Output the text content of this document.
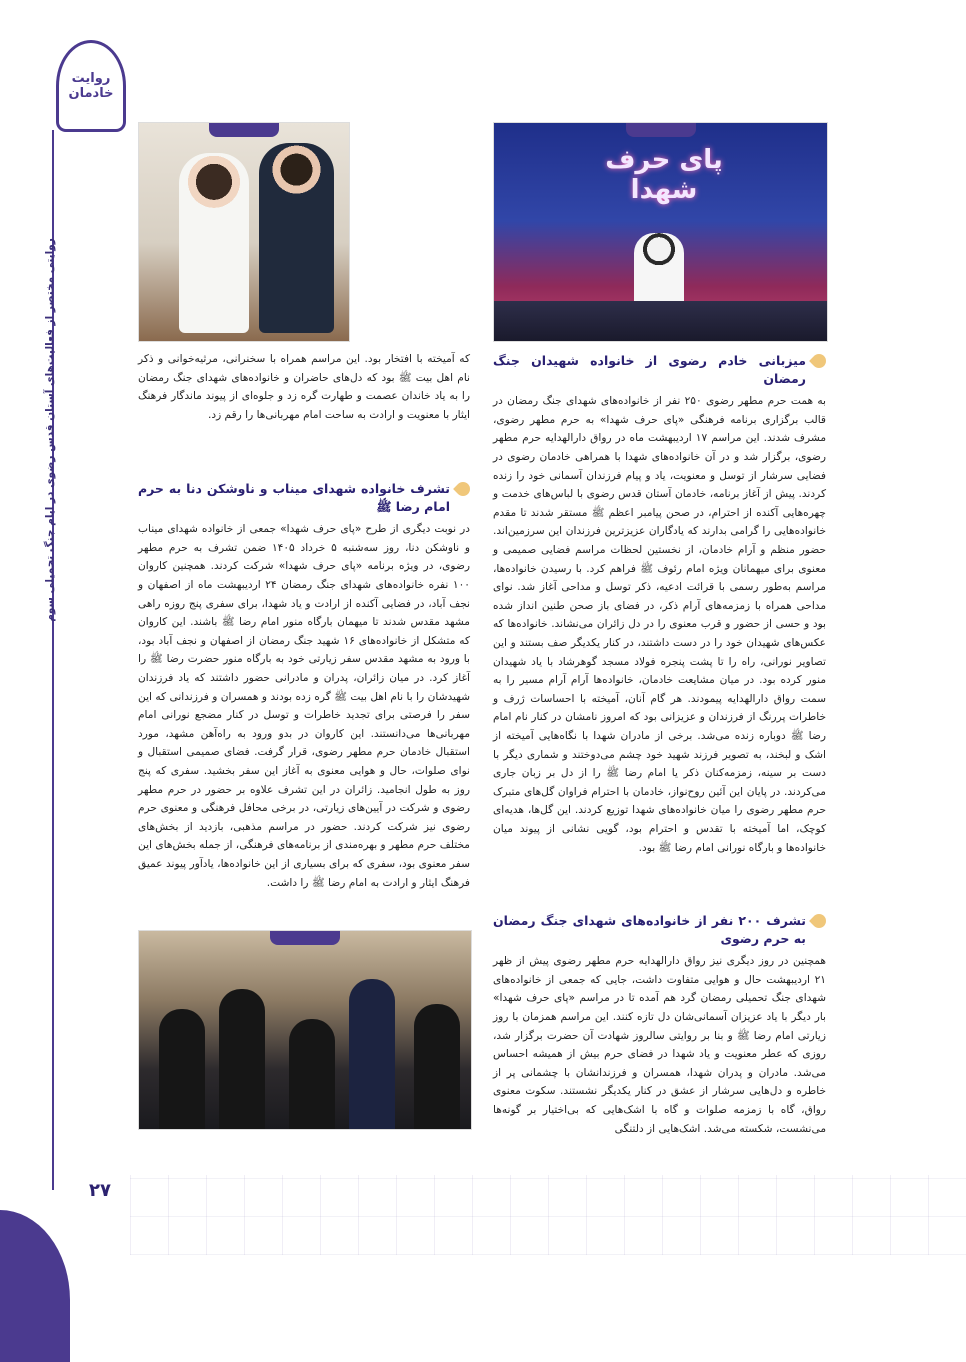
روایت خادمان
روایتی مختصر از فعالیت‌های آستان قدس رضوی در ایام جنگ تحمیلی سوم
۲۷
پای حرف شهدا
میزبانی خادم رضوی از خانواده شهیدان جنگ رمضان

به همت حرم مطهر رضوی ۲۵۰ نفر از خانواده‌های شهدای جنگ رمضان در قالب برگزاری برنامه فرهنگی «پای حرف شهدا» به حرم مطهر رضوی، مشرف شدند. این مراسم ۱۷ اردیبهشت ماه در رواق دارالهدایه حرم مطهر رضوی، برگزار شد و در آن خانواده‌های شهدا با همراهی خادمان رضوی در فضایی سرشار از توسل و معنویت، یاد و پیام فرزندان آسمانی خود را زنده کردند. پیش از آغاز برنامه، خادمان آستان قدس رضوی با لباس‌های خدمت و چهره‌هایی آکنده از احترام، در صحن پیامبر اعظم ﷺ مستقر شدند تا مقدم خانواده‌هایی را گرامی بدارند که یادگاران عزیزترین فرزندان این سرزمین‌اند. حضور منظم و آرام خادمان، از نخستین لحظات مراسم فضایی صمیمی و معنوی برای میهمانان ویژه امام رئوف ﷺ فراهم کرد. با رسیدن خانواده‌ها، مراسم به‌طور رسمی با قرائت ادعیه، ذکر توسل و مداحی آغاز شد. نوای مداحی همراه با زمزمه‌های آرام ذکر، در فضای باز صحن طنین انداز شده بود و حسی از حضور و قرب معنوی را در دل زائران می‌نشاند. خانواده‌ها که عکس‌های شهیدان خود را در دست داشتند، در کنار یکدیگر صف بستند و این تصاویر نورانی، راه را تا پشت پنجره فولاد مسجد گوهرشاد با یاد شهیدان منور کرده بود. در میان مشایعت خادمان، خانواده‌ها آرام آرام مسیر را به سمت رواق دارالهدایه پیمودند. هر گام آنان، آمیخته با احساسات ژرف و خاطرات پررنگ از فرزندان و عزیزانی بود که امروز نامشان در کنار نام امام رضا ﷺ دوباره زنده می‌شد. برخی از مادران شهدا با نگاه‌هایی آمیخته از اشک و لبخند، به تصویر فرزند شهید خود چشم می‌دوختند و شماری دیگر با دست بر سینه، زمزمه‌کنان ذکر یا امام رضا ﷺ را از دل بر زبان جاری می‌کردند. در پایان این آئین روح‌نواز، خادمان با احترام فراوان گل‌های متبرک حرم مطهر رضوی را میان خانواده‌های شهدا توزیع کردند. این گل‌ها، هدیه‌ای کوچک، اما آمیخته با تقدس و احترام بود، گویی نشانی از پیوند میان خانواده‌ها و بارگاه نورانی امام رضا ﷺ بود.

که آمیخته با افتخار بود. این مراسم همراه با سخنرانی، مرثیه‌خوانی و ذکر نام اهل بیت ﷺ بود که دل‌های حاضران و خانواده‌های شهدای جنگ رمضان را به یاد خاندان عصمت و طهارت گره زد و جلوه‌ای از پیوند ماندگار فرهنگ ایثار با معنویت و ارادت به ساحت امام مهربانی‌ها را رقم زد.

تشرف خانواده شهدای میناب و ناوشکن دنا به حرم امام رضا ﷺ

در نوبت دیگری از طرح «پای حرف شهدا» جمعی از خانواده شهدای میناب و ناوشکن دنا، روز سه‌شنبه ۵ خرداد ۱۴۰۵ ضمن تشرف به حرم مطهر رضوی، در ویژه برنامه «پای حرف شهدا» شرکت کردند. همچنین کاروان ۱۰۰ نفره خانواده‌های شهدای جنگ رمضان ۲۴ اردیبهشت ماه از اصفهان و نجف آباد، در فضایی آکنده از ارادت و یاد شهدا، برای سفری پنج روزه راهی مشهد مقدس شدند تا میهمان بارگاه منور امام رضا ﷺ باشند. این کاروان که متشکل از خانواده‌های ۱۶ شهید جنگ رمضان از اصفهان و نجف آباد بود، با ورود به مشهد مقدس سفر زیارتی خود به بارگاه منور حضرت رضا ﷺ را آغاز کرد. در میان زائران، پدران و مادرانی حضور داشتند که یاد فرزندان شهیدشان را با نام اهل بیت ﷺ گره زده بودند و همسران و فرزندانی که این سفر را فرصتی برای تجدید خاطرات و توسل در کنار مضجع نورانی امام مهربانی‌ها می‌دانستند. این کاروان در بدو ورود به راه‌آهن مشهد، مورد استقبال خادمان حرم مطهر رضوی، قرار گرفت. فضای صمیمی استقبال و نوای صلوات، حال و هوایی معنوی به آغاز این سفر بخشید. سفری که پنج روز به طول انجامید. زائران در این تشرف علاوه بر حضور در حرم مطهر رضوی و شرکت در آیین‌های زیارتی، در برخی محافل فرهنگی و معنوی حرم رضوی نیز شرکت کردند. حضور در مراسم مذهبی، بازدید از بخش‌های مختلف حرم مطهر و بهره‌مندی از برنامه‌های فرهنگی، از جمله بخش‌های این سفر معنوی بود، سفری که برای بسیاری از این خانواده‌ها، یادآور پیوند عمیق فرهنگ ایثار و ارادت به امام رضا ﷺ را داشت.

تشرف ۲۰۰ نفر از خانواده‌های شهدای جنگ رمضان به حرم رضوی

همچنین در روز دیگری نیز رواق دارالهدایه حرم مطهر رضوی پیش از ظهر ۲۱ اردیبهشت حال و هوایی متفاوت داشت، جایی که جمعی از خانواده‌های شهدای جنگ تحمیلی رمضان گرد هم آمده تا در مراسم «پای حرف شهدا» بار دیگر با یاد عزیزان آسمانی‌شان دل تازه کنند. این مراسم همزمان با روز زیارتی امام رضا ﷺ و بنا بر روایتی سالروز شهادت آن حضرت برگزار شد، روزی که عطر معنویت و یاد شهدا در فضای حرم بیش از همیشه احساس می‌شد. مادران و پدران شهدا، همسران و فرزندانشان با چشمانی پر از خاطره و دل‌هایی سرشار از عشق در کنار یکدیگر نشستند. سکوت معنوی رواق، گاه با زمزمه صلوات و گاه با اشک‌هایی که بی‌اختیار بر گونه‌ها می‌نشست، شکسته می‌شد. اشک‌هایی از دلتنگی
